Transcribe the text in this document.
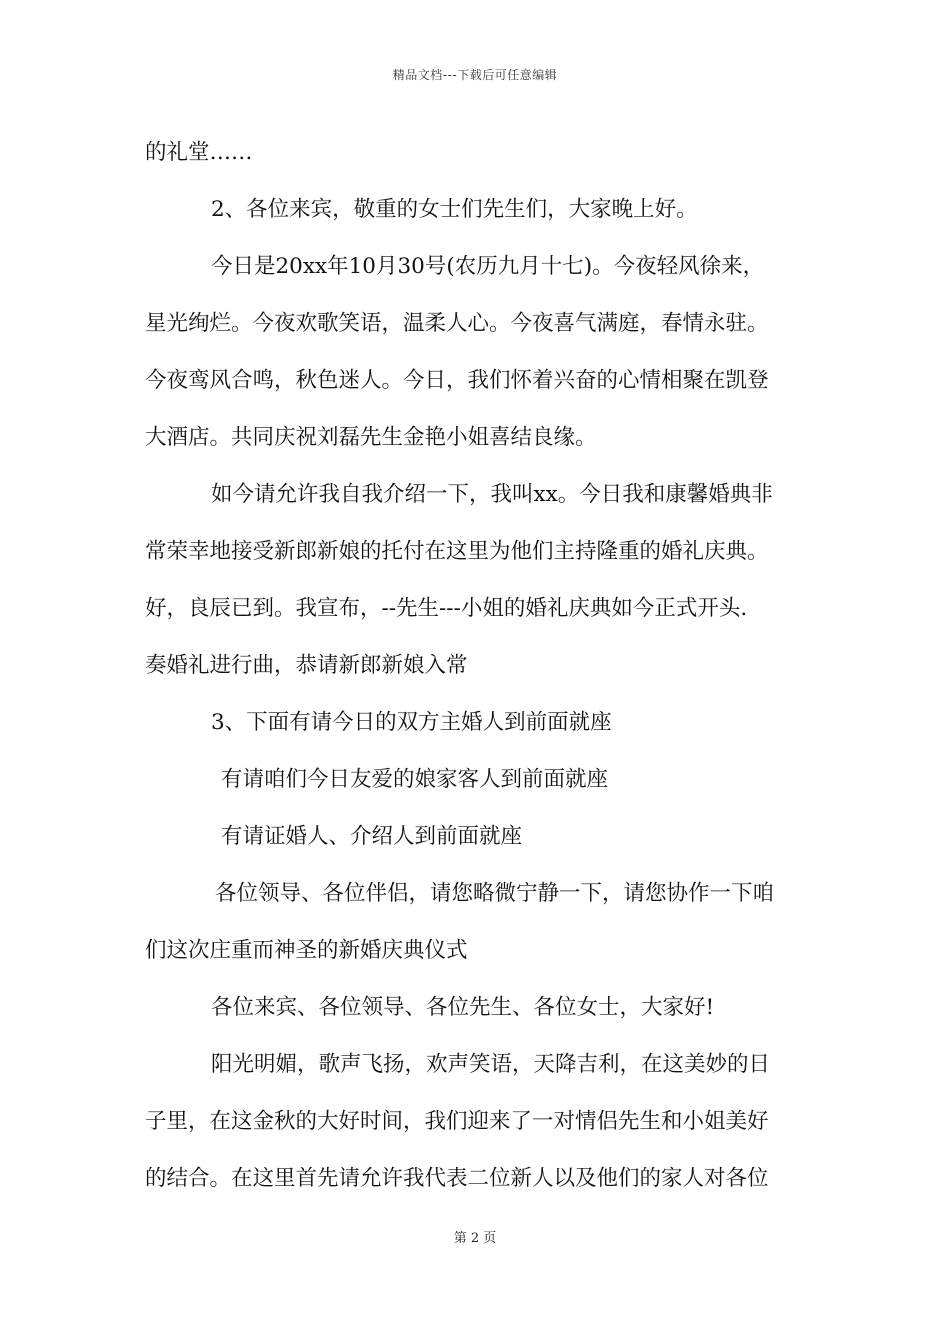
精品文档---下载后可任意编辑
的礼堂……
2、各位来宾，敬重的女士们先生们，大家晚上好。
今日是20xx年10月30号(农历九月十七)。今夜轻风徐来，
星光绚烂。今夜欢歌笑语，温柔人心。今夜喜气满庭，春情永驻。
今夜鸾风合鸣，秋色迷人。今日，我们怀着兴奋的心情相聚在凯登
大酒店。共同庆祝刘磊先生金艳小姐喜结良缘。
如今请允许我自我介绍一下，我叫xx。今日我和康馨婚典非
常荣幸地接受新郎新娘的托付在这里为他们主持隆重的婚礼庆典。
好，良辰已到。我宣布，--先生---小姐的婚礼庆典如今正式开头.
奏婚礼进行曲，恭请新郎新娘入常
3、下面有请今日的双方主婚人到前面就座
有请咱们今日友爱的娘家客人到前面就座
有请证婚人、介绍人到前面就座
各位领导、各位伴侣，请您略微宁静一下，请您协作一下咱
们这次庄重而神圣的新婚庆典仪式
各位来宾、各位领导、各位先生、各位女士，大家好!
阳光明媚，歌声飞扬，欢声笑语，天降吉利，在这美妙的日
子里，在这金秋的大好时间，我们迎来了一对情侣先生和小姐美好
的结合。在这里首先请允许我代表二位新人以及他们的家人对各位
第 2 页
